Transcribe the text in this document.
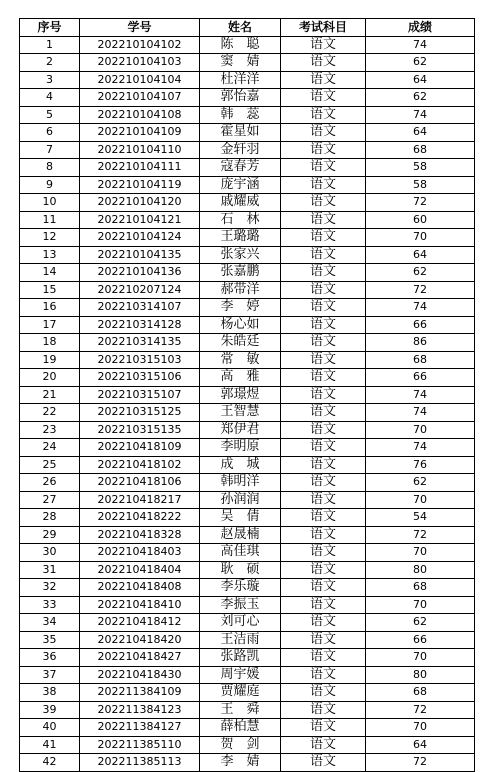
序号	学号	姓名	考试科目	成绩
1	202210104102	陈　聪	语文	74
2	202210104103	窦　婧	语文	62
3	202210104104	杜洋洋	语文	64
4	202210104107	郭怡嘉	语文	62
5	202210104108	韩　蕊	语文	74
6	202210104109	霍星如	语文	64
7	202210104110	金轩羽	语文	68
8	202210104111	寇春芳	语文	58
9	202210104119	庞宇涵	语文	58
10	202210104120	戚耀威	语文	72
11	202210104121	石　林	语文	60
12	202210104124	王璐璐	语文	70
13	202210104135	张家兴	语文	64
14	202210104136	张嘉鹏	语文	62
15	202210207124	郝带洋	语文	72
16	202210314107	李　婷	语文	74
17	202210314128	杨心如	语文	66
18	202210314135	朱皓廷	语文	86
19	202210315103	常　敏	语文	68
20	202210315106	高　雅	语文	66
21	202210315107	郭璟煜	语文	74
22	202210315125	王智慧	语文	74
23	202210315135	郑伊君	语文	70
24	202210418109	李明原	语文	74
25	202210418102	成　城	语文	76
26	202210418106	韩明洋	语文	62
27	202210418217	孙润润	语文	70
28	202210418222	吴　倩	语文	54
29	202210418328	赵晟楠	语文	72
30	202210418403	高佳琪	语文	70
31	202210418404	耿　硕	语文	80
32	202210418408	李乐璇	语文	68
33	202210418410	李振玉	语文	70
34	202210418412	刘可心	语文	62
35	202210418420	王洁雨	语文	66
36	202210418427	张路凯	语文	70
37	202210418430	周宇媛	语文	80
38	202211384109	贾耀庭	语文	68
39	202211384123	王　舜	语文	72
40	202211384127	薛柏慧	语文	70
41	202211385110	贺　剑	语文	64
42	202211385113	李　婧	语文	72
